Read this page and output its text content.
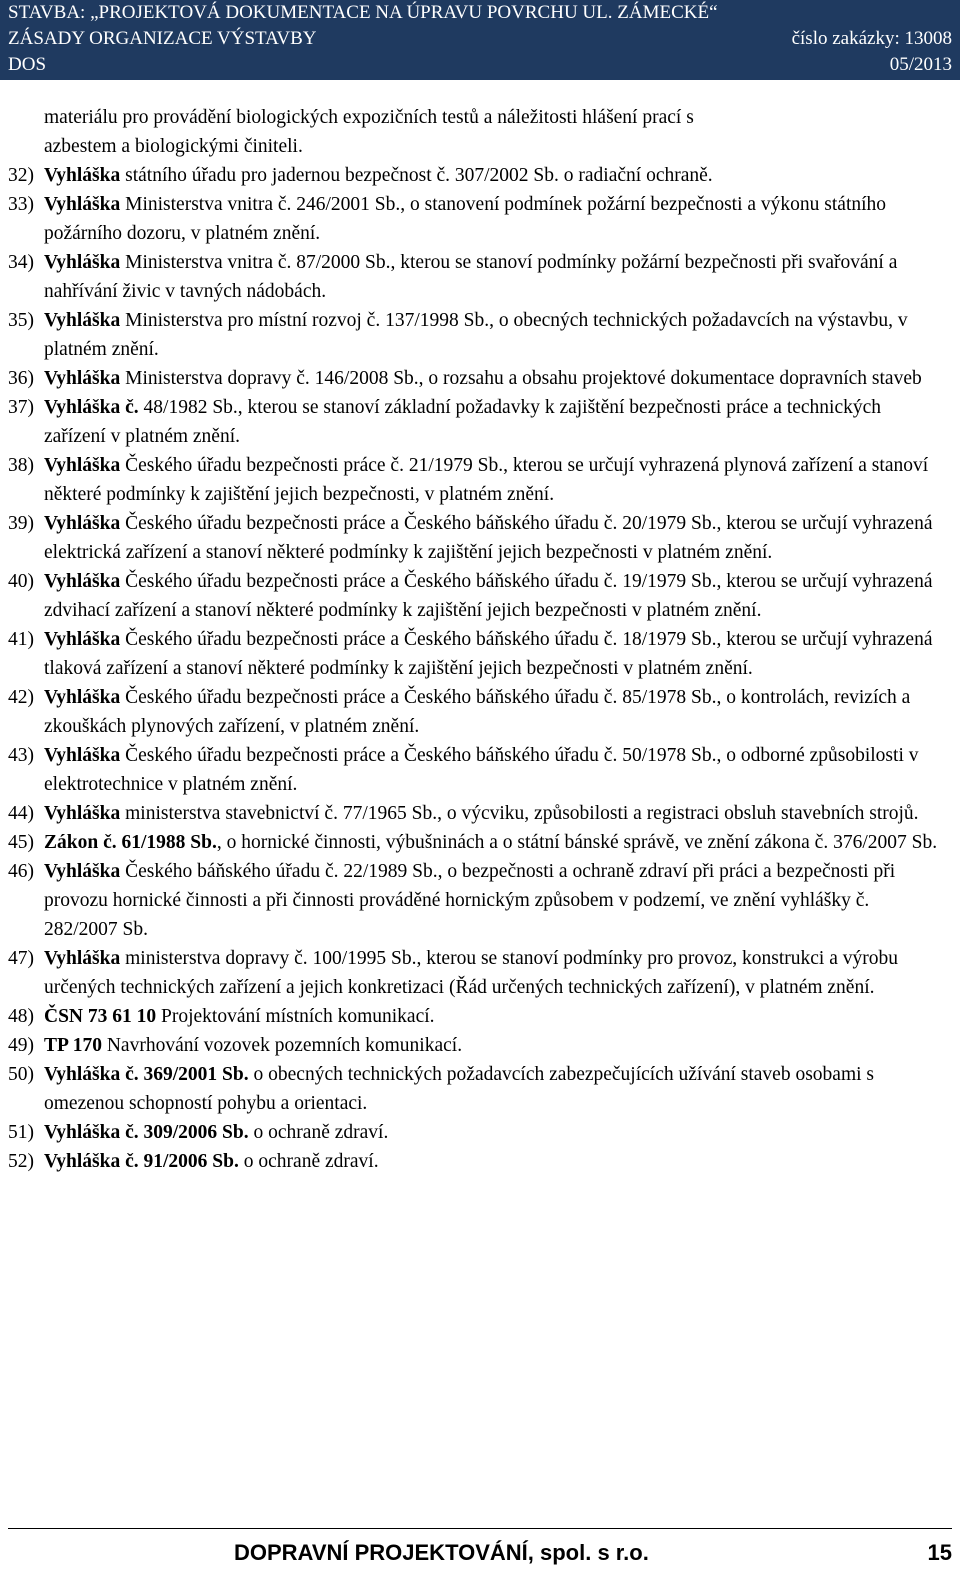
STAVBA: „PROJEKTOVÁ DOKUMENTACE NA ÚPRAVU POVRCHU UL. ZÁMECKÉ“
ZÁSADY ORGANIZACE VÝSTAVBY	číslo zakázky: 13008
DOS	05/2013
materiálu pro provádění biologických expozičních testů a náležitosti hlášení prací s
azbestem a biologickými činiteli.

32) Vyhláška státního úřadu pro jadernou bezpečnost č. 307/2002 Sb. o radiační ochraně.

33) Vyhláška Ministerstva vnitra č. 246/2001 Sb., o stanovení podmínek požární bezpečnosti a výkonu státního požárního dozoru, v platném znění.

34) Vyhláška Ministerstva vnitra č. 87/2000 Sb., kterou se stanoví podmínky požární bezpečnosti při svařování a nahřívání živic v tavných nádobách.

35) Vyhláška Ministerstva pro místní rozvoj č. 137/1998 Sb., o obecných technických požadavcích na výstavbu, v platném znění.

36) Vyhláška Ministerstva dopravy č. 146/2008 Sb., o rozsahu a obsahu projektové dokumentace dopravních staveb

37) Vyhláška č. 48/1982 Sb., kterou se stanoví základní požadavky k zajištění bezpečnosti práce a technických zařízení v platném znění.

38) Vyhláška Českého úřadu bezpečnosti práce č. 21/1979 Sb., kterou se určují vyhrazená plynová zařízení a stanoví některé podmínky k zajištění jejich bezpečnosti, v platném znění.

39) Vyhláška Českého úřadu bezpečnosti práce a Českého báňského úřadu č. 20/1979 Sb., kterou se určují vyhrazená elektrická zařízení a stanoví některé podmínky k zajištění jejich bezpečnosti v platném znění.

40) Vyhláška Českého úřadu bezpečnosti práce a Českého báňského úřadu č. 19/1979 Sb., kterou se určují vyhrazená zdvihací zařízení a stanoví některé podmínky k zajištění jejich bezpečnosti v platném znění.

41) Vyhláška Českého úřadu bezpečnosti práce a Českého báňského úřadu č. 18/1979 Sb., kterou se určují vyhrazená tlaková zařízení a stanoví některé podmínky k zajištění jejich bezpečnosti v platném znění.

42) Vyhláška Českého úřadu bezpečnosti práce a Českého báňského úřadu č. 85/1978 Sb., o kontrolách, revizích a zkouškách plynových zařízení, v platném znění.

43) Vyhláška Českého úřadu bezpečnosti práce a Českého báňského úřadu č. 50/1978 Sb., o odborné způsobilosti v elektrotechnice v platném znění.

44) Vyhláška ministerstva stavebnictví č. 77/1965 Sb., o výcviku, způsobilosti a registraci obsluh stavebních strojů.

45) Zákon č. 61/1988 Sb., o hornické činnosti, výbušninách a o státní bánské správě, ve znění zákona č. 376/2007 Sb.

46) Vyhláška Českého báňského úřadu č. 22/1989 Sb., o bezpečnosti a ochraně zdraví při práci a bezpečnosti při provozu hornické činnosti a při činnosti prováděné hornickým způsobem v podzemí, ve znění vyhlášky č. 282/2007 Sb.

47) Vyhláška ministerstva dopravy č. 100/1995 Sb., kterou se stanoví podmínky pro provoz, konstrukci a výrobu určených technických zařízení a jejich konkretizaci (Řád určených technických zařízení), v platném znění.

48) ČSN 73 61 10 Projektování místních komunikací.

49) TP 170 Navrhování vozovek pozemních komunikací.

50) Vyhláška č. 369/2001 Sb. o obecných technických požadavcích zabezpečujících užívání staveb osobami s omezenou schopností pohybu a orientaci.

51) Vyhláška č. 309/2006 Sb. o ochraně zdraví.

52) Vyhláška č. 91/2006 Sb. o ochraně zdraví.

DOPRAVNÍ PROJEKTOVÁNÍ, spol. s r.o.	15
